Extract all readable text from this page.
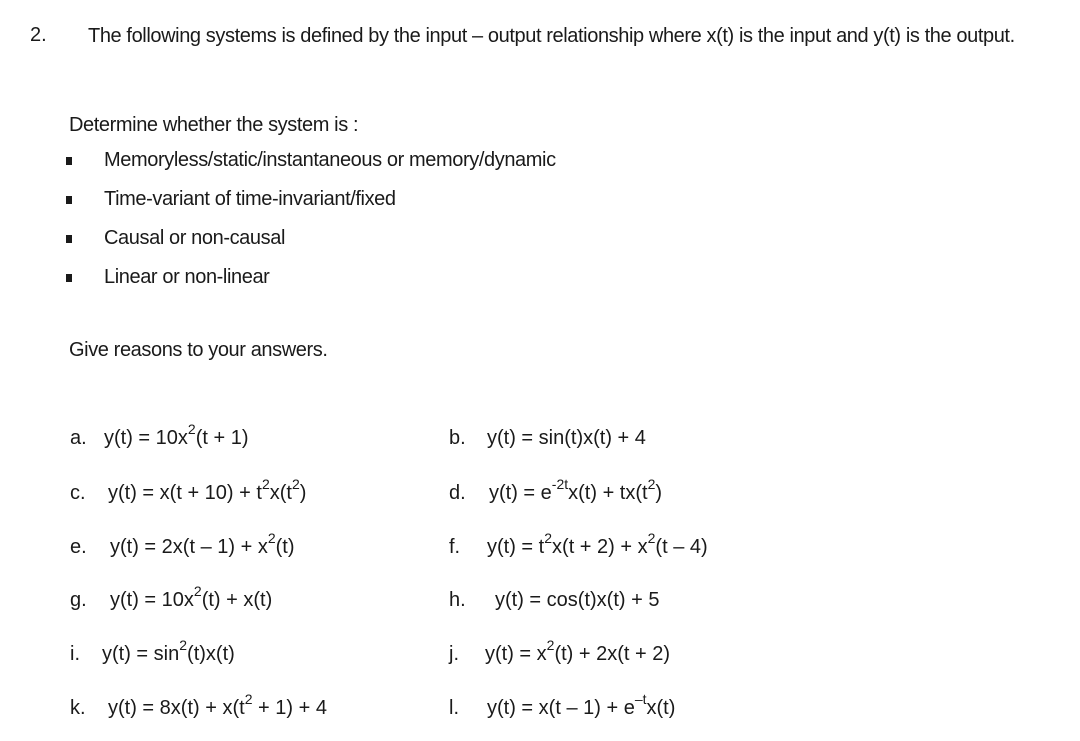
2. The following systems is defined by the input – output relationship where x(t) is the input and y(t) is the output.
Determine whether the system is :
Memoryless/static/instantaneous or memory/dynamic
Time-variant of time-invariant/fixed
Causal or non-causal
Linear or non-linear
Give reasons to your answers.
a. $y(t) = 10x^2(t + 1)$	b. y(t) = sin(t)x(t) + 4
c. $y(t) = x(t + 10) + t^2x(t^2)$	d. $y(t) = e^{-2t}x(t) + tx(t^2)$
e. $y(t) = 2x(t - 1) + x^2(t)$	f. $y(t) = t^2x(t + 2) + x^2(t - 4)$
g. $y(t) = 10x^2(t) + x(t)$	h. y(t) = cos(t)x(t) + 5
i. $y(t) = \sin^2(t)x(t)$	j. $y(t) = x^2(t) + 2x(t + 2)$
k. $y(t) = 8x(t) + x(t^2 + 1) + 4$	l. $y(t) = x(t - 1) + e^{-t}x(t)$
